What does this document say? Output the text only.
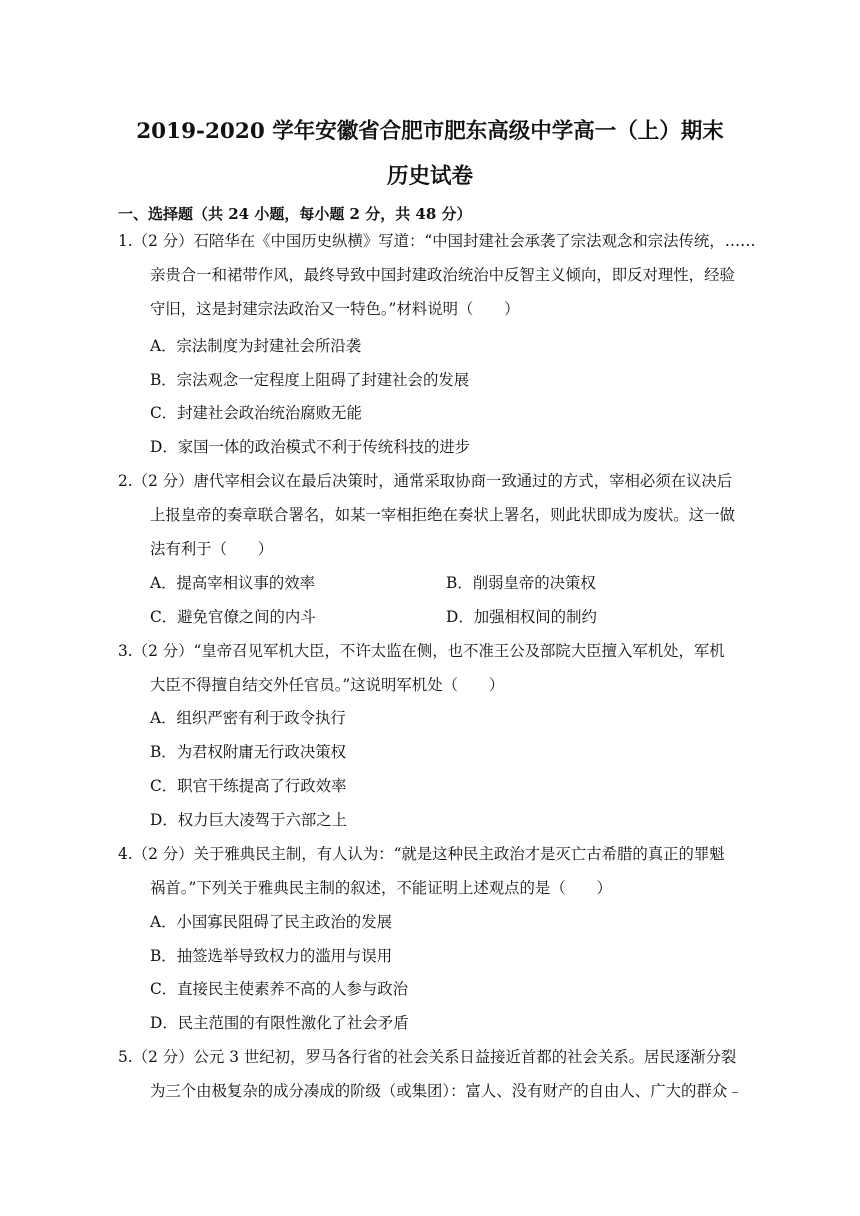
2019-2020 学年安徽省合肥市肥东高级中学高一（上）期末
历史试卷
一、选择题（共 24 小题，每小题 2 分，共 48 分）
1.（2 分）石陪华在《中国历史纵横》写道：“中国封建社会承袭了宗法观念和宗法传统，……
亲贵合一和裙带作风，最终导致中国封建政治统治中反智主义倾向，即反对理性，经验
守旧，这是封建宗法政治又一特色。”材料说明（　　）
A．宗法制度为封建社会所沿袭
B．宗法观念一定程度上阻碍了封建社会的发展
C．封建社会政治统治腐败无能
D．家国一体的政治模式不利于传统科技的进步
2.（2 分）唐代宰相会议在最后决策时，通常采取协商一致通过的方式，宰相必须在议决后
上报皇帝的奏章联合署名，如某一宰相拒绝在奏状上署名，则此状即成为废状。这一做
法有利于（　　）
A．提高宰相议事的效率	B．削弱皇帝的决策权
C．避免官僚之间的内斗	D．加强相权间的制约
3.（2 分）“皇帝召见军机大臣，不许太监在侧，也不准王公及部院大臣擅入军机处，军机
大臣不得擅自结交外任官员。”这说明军机处（　　）
A．组织严密有利于政令执行
B．为君权附庸无行政决策权
C．职官干练提高了行政效率
D．权力巨大凌驾于六部之上
4.（2 分）关于雅典民主制，有人认为：“就是这种民主政治才是灭亡古希腊的真正的罪魁
祸首。”下列关于雅典民主制的叙述，不能证明上述观点的是（　　）
A．小国寡民阻碍了民主政治的发展
B．抽签选举导致权力的滥用与误用
C．直接民主使素养不高的人参与政治
D．民主范围的有限性激化了社会矛盾
5.（2 分）公元 3 世纪初，罗马各行省的社会关系日益接近首都的社会关系。居民逐渐分裂
为三个由极复杂的成分凑成的阶级（或集团）：富人、没有财产的自由人、广大的群众﹣
